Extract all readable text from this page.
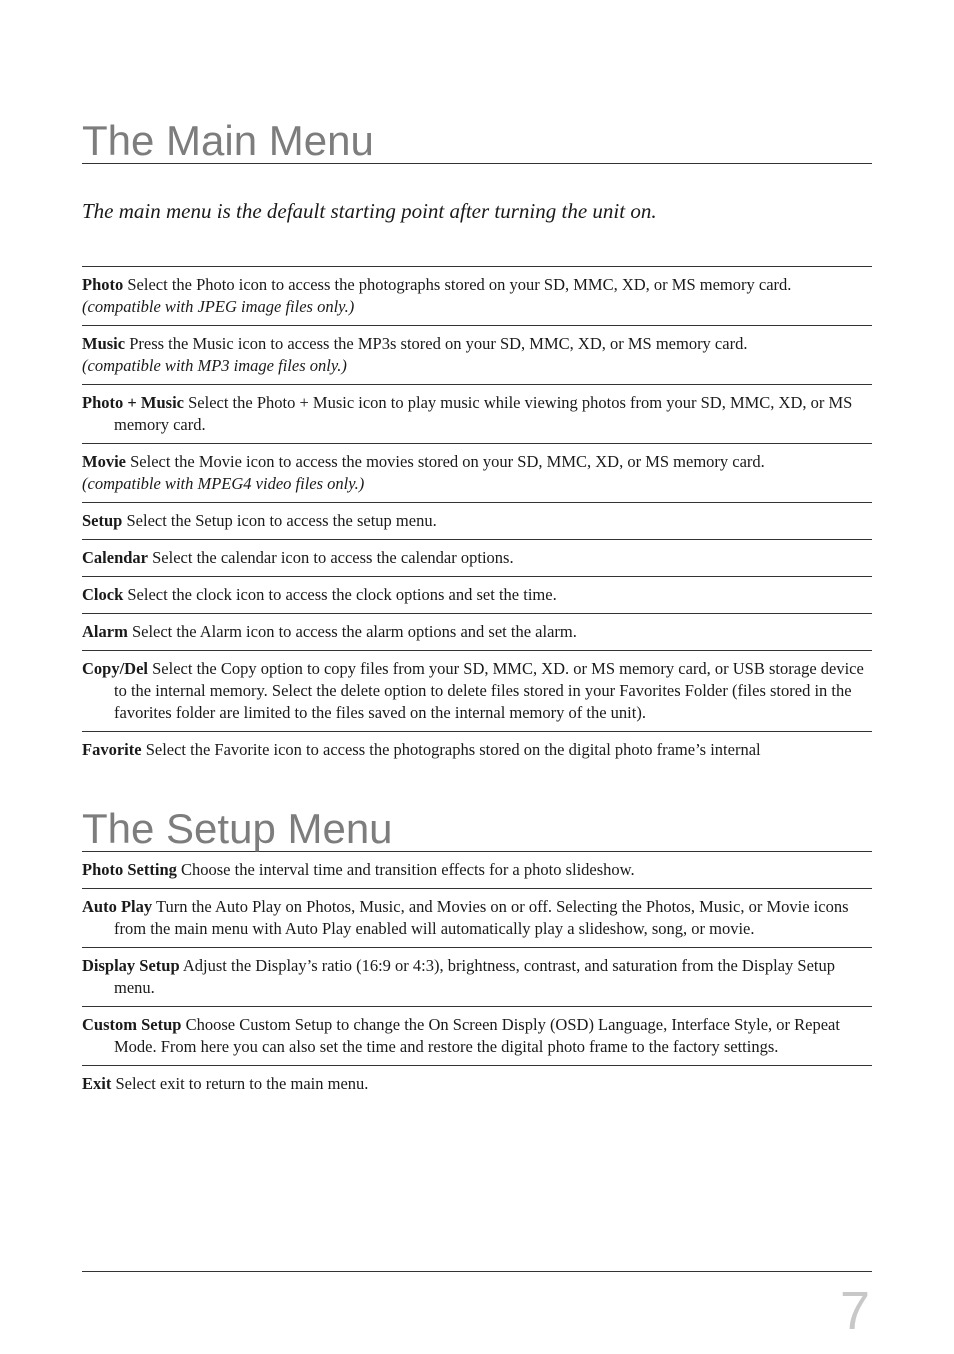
The Main Menu
The main menu is the default starting point after turning the unit on.
Photo Select the Photo icon to access the photographs stored on your SD, MMC, XD, or MS memory card.
(compatible with JPEG image files only.)
Music Press the Music icon to access the MP3s stored on your SD, MMC, XD, or MS memory card.
(compatible with MP3 image files only.)
Photo + Music Select the Photo + Music icon to play music while viewing photos from your SD, MMC, XD, or MS memory card.
Movie Select the Movie icon to access the movies stored on your SD, MMC, XD, or MS memory card.
(compatible with MPEG4 video files only.)
Setup Select the Setup icon to access the setup menu.
Calendar Select the calendar icon to access the calendar options.
Clock Select the clock icon to access the clock options and set the time.
Alarm Select the Alarm icon to access the alarm options and set the alarm.
Copy/Del Select the Copy option to copy files from your SD, MMC, XD. or MS memory card, or USB storage device to the internal memory. Select the delete option to delete files stored in your Favorites Folder (files stored in the favorites folder are limited to the files saved on the internal memory of the unit).
Favorite Select the Favorite icon to access the photographs stored on the digital photo frame’s internal
The Setup Menu
Photo Setting Choose the interval time and transition effects for a photo slideshow.
Auto Play Turn the Auto Play on Photos, Music, and Movies on or off. Selecting the Photos, Music, or Movie icons from the main menu with Auto Play enabled will automatically play a slideshow, song, or movie.
Display Setup Adjust the Display’s ratio (16:9 or 4:3), brightness, contrast, and saturation from the Display Setup menu.
Custom Setup Choose Custom Setup to change the On Screen Disply (OSD) Language, Interface Style, or Repeat Mode. From here you can also set the time and restore the digital photo frame to the factory settings.
Exit Select exit to return to the main menu.
7
